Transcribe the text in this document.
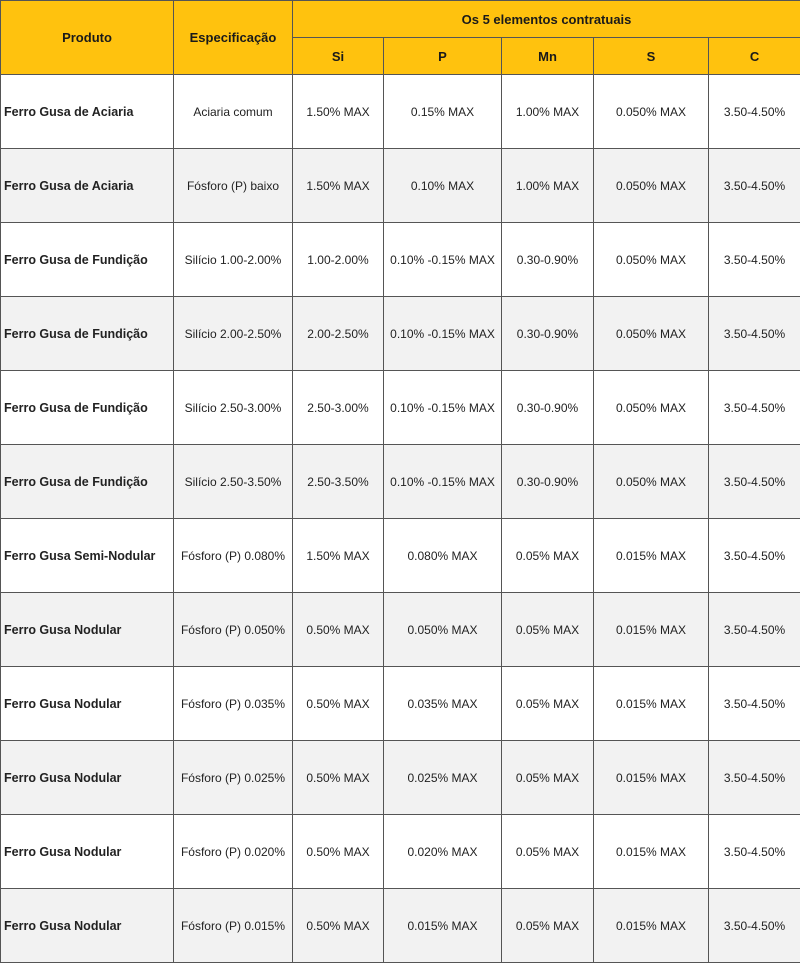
Produto	Especificação	Os 5 elementos contratuais				
		Si	P	Mn	S	C
Ferro Gusa de Aciaria	Aciaria comum	1.50% MAX	0.15% MAX	1.00% MAX	0.050% MAX	3.50-4.50%
Ferro Gusa de Aciaria	Fósforo (P) baixo	1.50% MAX	0.10% MAX	1.00% MAX	0.050% MAX	3.50-4.50%
Ferro Gusa de Fundição	Silício 1.00-2.00%	1.00-2.00%	0.10% -0.15% MAX	0.30-0.90%	0.050% MAX	3.50-4.50%
Ferro Gusa de Fundição	Silício 2.00-2.50%	2.00-2.50%	0.10% -0.15% MAX	0.30-0.90%	0.050% MAX	3.50-4.50%
Ferro Gusa de Fundição	Silício 2.50-3.00%	2.50-3.00%	0.10% -0.15% MAX	0.30-0.90%	0.050% MAX	3.50-4.50%
Ferro Gusa de Fundição	Silício 2.50-3.50%	2.50-3.50%	0.10% -0.15% MAX	0.30-0.90%	0.050% MAX	3.50-4.50%
Ferro Gusa Semi-Nodular	Fósforo (P) 0.080%	1.50% MAX	0.080% MAX	0.05% MAX	0.015% MAX	3.50-4.50%
Ferro Gusa Nodular	Fósforo (P) 0.050%	0.50% MAX	0.050% MAX	0.05% MAX	0.015% MAX	3.50-4.50%
Ferro Gusa Nodular	Fósforo (P) 0.035%	0.50% MAX	0.035% MAX	0.05% MAX	0.015% MAX	3.50-4.50%
Ferro Gusa Nodular	Fósforo (P) 0.025%	0.50% MAX	0.025% MAX	0.05% MAX	0.015% MAX	3.50-4.50%
Ferro Gusa Nodular	Fósforo (P) 0.020%	0.50% MAX	0.020% MAX	0.05% MAX	0.015% MAX	3.50-4.50%
Ferro Gusa Nodular	Fósforo (P) 0.015%	0.50% MAX	0.015% MAX	0.05% MAX	0.015% MAX	3.50-4.50%
